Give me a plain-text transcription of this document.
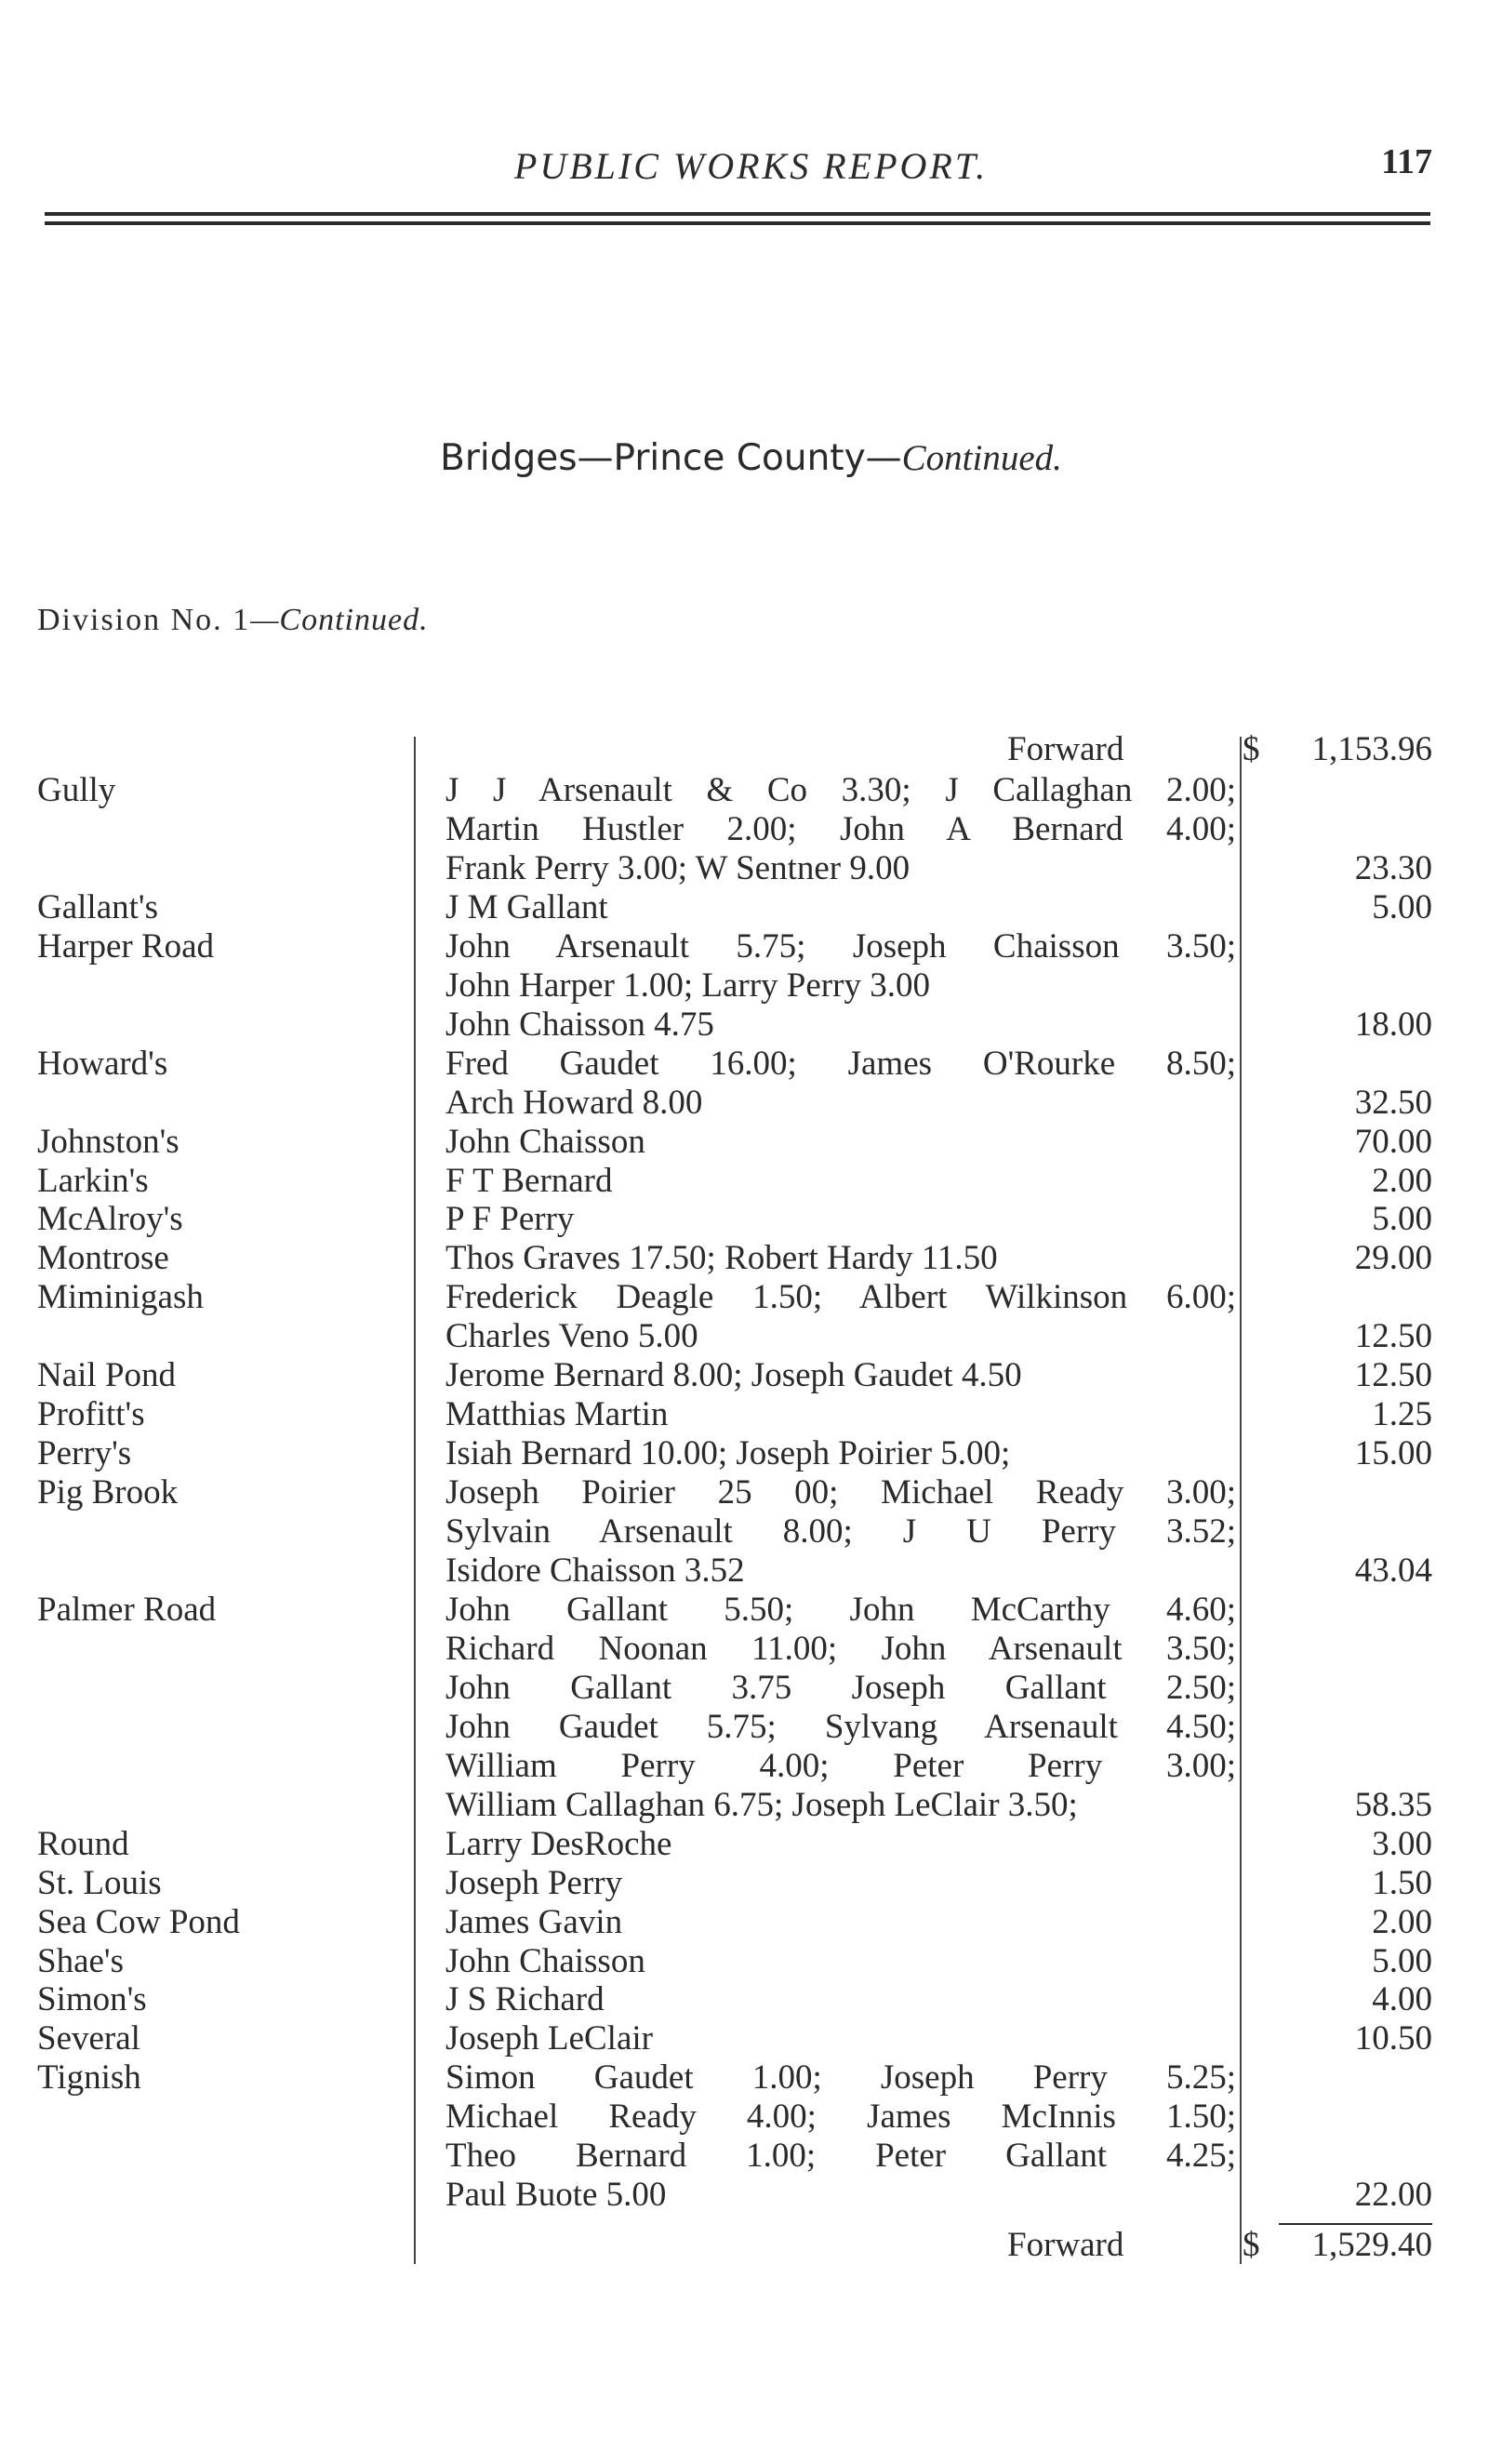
PUBLIC WORKS REPORT.	117
Bridges—Prince County—Continued.
Division No. 1—Continued.
Forward	$ 1,153.96
Gully	J J Arsenault & Co 3.30; J Callaghan 2.00;
Martin Hustler 2.00; John A Bernard 4.00;
Frank Perry 3.00; W Sentner 9.00	23.30
Gallant's	J M Gallant	5.00
Harper Road	John Arsenault 5.75; Joseph Chaisson 3.50;
John Harper 1.00; Larry Perry 3.00
John Chaisson 4.75	18.00
Howard's	Fred Gaudet 16.00; James O'Rourke 8.50;
Arch Howard 8.00	32.50
Johnston's	John Chaisson	70.00
Larkin's	F T Bernard	2.00
McAlroy's	P F Perry	5.00
Montrose	Thos Graves 17.50; Robert Hardy 11.50	29.00
Miminigash	Frederick Deagle 1.50; Albert Wilkinson 6.00;
Charles Veno 5.00	12.50
Nail Pond	Jerome Bernard 8.00; Joseph Gaudet 4.50	12.50
Profitt's	Matthias Martin	1.25
Perry's	Isiah Bernard 10.00; Joseph Poirier 5.00;	15.00
Pig Brook	Joseph Poirier 25 00; Michael Ready 3.00;
Sylvain Arsenault 8.00; J U Perry 3.52;
Isidore Chaisson 3.52	43.04
Palmer Road	John Gallant 5.50; John McCarthy 4.60;
Richard Noonan 11.00; John Arsenault 3.50;
John Gallant 3.75 Joseph Gallant 2.50;
John Gaudet 5.75; Sylvang Arsenault 4.50;
William Perry 4.00; Peter Perry 3.00;
William Callaghan 6.75; Joseph LeClair 3.50;	58.35
Round	Larry DesRoche	3.00
St. Louis	Joseph Perry	1.50
Sea Cow Pond	James Gavin	2.00
Shae's	John Chaisson	5.00
Simon's	J S Richard	4.00
Several	Joseph LeClair	10.50
Tignish	Simon Gaudet 1.00; Joseph Perry 5.25;
Michael Ready 4.00; James McInnis 1.50;
Theo Bernard 1.00; Peter Gallant 4.25;
Paul Buote 5.00	22.00
Forward	$ 1,529.40
